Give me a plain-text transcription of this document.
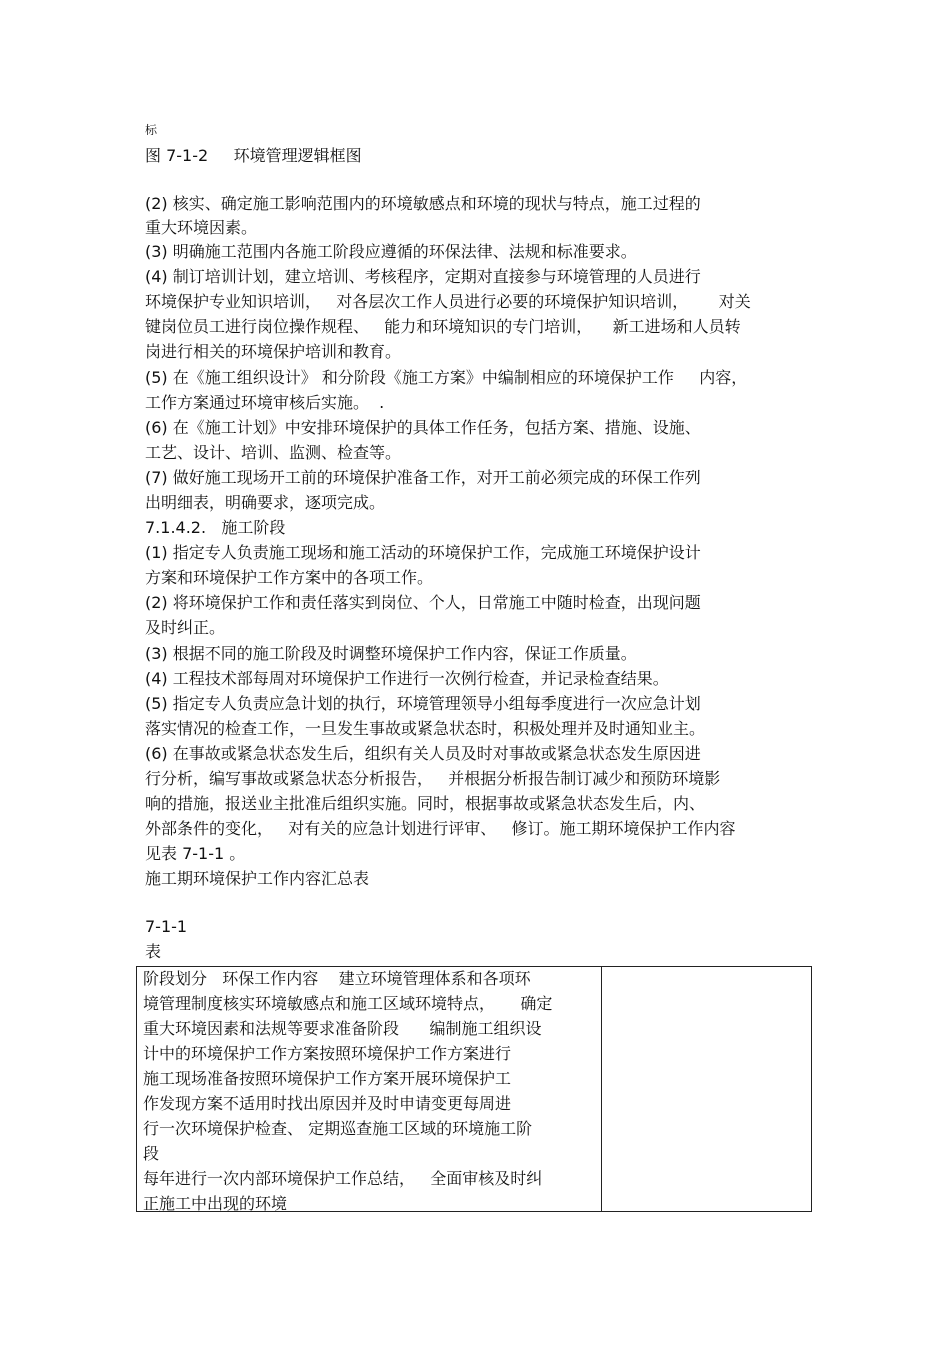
标
图 7-1-2     环境管理逻辑框图
(2) 核实、确定施工影响范围内的环境敏感点和环境的现状与特点，施工过程的
重大环境因素。
(3) 明确施工范围内各施工阶段应遵循的环保法律、法规和标准要求。
(4) 制订培训计划，建立培训、考核程序，定期对直接参与环境管理的人员进行
环境保护专业知识培训，   对各层次工作人员进行必要的环境保护知识培训，      对关
键岗位员工进行岗位操作规程、   能力和环境知识的专门培训，    新工进场和人员转
岗进行相关的环境保护培训和教育。
(5) 在《施工组织设计》 和分阶段《施工方案》中编制相应的环境保护工作     内容，
工作方案通过环境审核后实施。  .
(6) 在《施工计划》中安排环境保护的具体工作任务，包括方案、措施、设施、
工艺、设计、培训、监测、检查等。
(7) 做好施工现场开工前的环境保护准备工作，对开工前必须完成的环保工作列
出明细表，明确要求，逐项完成。
7.1.4.2.   施工阶段
(1) 指定专人负责施工现场和施工活动的环境保护工作，完成施工环境保护设计
方案和环境保护工作方案中的各项工作。
(2) 将环境保护工作和责任落实到岗位、个人，日常施工中随时检查，出现问题
及时纠正。
(3) 根据不同的施工阶段及时调整环境保护工作内容，保证工作质量。
(4) 工程技术部每周对环境保护工作进行一次例行检查，并记录检查结果。
(5) 指定专人负责应急计划的执行，环境管理领导小组每季度进行一次应急计划
落实情况的检查工作，一旦发生事故或紧急状态时，积极处理并及时通知业主。
(6) 在事故或紧急状态发生后，组织有关人员及时对事故或紧急状态发生原因进
行分析，编写事故或紧急状态分析报告，   并根据分析报告制订减少和预防环境影
响的措施，报送业主批准后组织实施。同时，根据事故或紧急状态发生后，内、
外部条件的变化，   对有关的应急计划进行评审、   修订。施工期环境保护工作内容
见表 7-1-1 。
施工期环境保护工作内容汇总表
7-1-1
表
阶段划分   环保工作内容    建立环境管理体系和各项环
境管理制度核实环境敏感点和施工区域环境特点，     确定
重大环境因素和法规等要求准备阶段      编制施工组织设
计中的环境保护工作方案按照环境保护工作方案进行
施工现场准备按照环境保护工作方案开展环境保护工
作发现方案不适用时找出原因并及时申请变更每周进
行一次环境保护检查、 定期巡查施工区域的环境施工阶
段
每年进行一次内部环境保护工作总结，   全面审核及时纠
正施工中出现的环境
